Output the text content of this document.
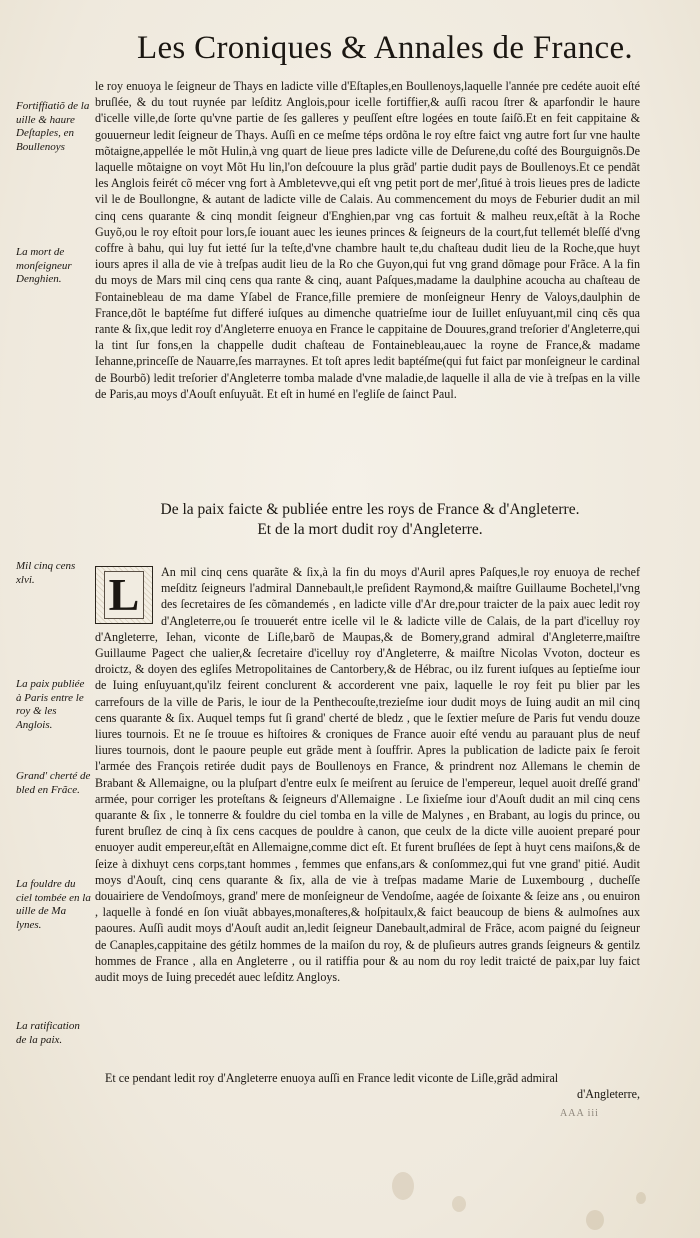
Les Croniques & Annales de France.

le roy enuoya le ſeigneur de Thays en ladicte ville d'Eſtaples,en Boullenoys,laquelle l'année pre cedéte auoit eſté bruſlée, & du tout ruynée par leſditz Anglois,pour icelle fortiffier,& auſſi racou ſtrer & aparfondir le haure d'icelle ville,de ſorte qu'vne partie de ſes galleres y peuſſent eſtre logées en toute ſaiſõ.Et en feit cappitaine & gouuerneur ledit ſeigneur de Thays. Auſſi en ce meſme téps ordõna le roy eſtre faict vng autre fort ſur vne haulte mõtaigne,appellée le mõt Hulin,à vng quart de lieue pres ladicte ville de Deſurene,du coſté des Bourguignõs.De laquelle mõtaigne on voyt Mõt Hu lin,l'on deſcouure la plus grãd' partie dudit pays de Boullenoys.Et ce pendãt les Anglois feirét cõ mécer vng fort à Ambletevve,qui eſt vng petit port de mer',ſitué à trois lieues pres de ladicte vil le de Boullongne, & autant de ladicte ville de Calais. Au commencement du moys de Feburier dudit an mil cinq cens quarante & cinq mondit ſeigneur d'Enghien,par vng cas fortuit & malheu reux,eſtãt à la Roche Guyõ,ou le roy eſtoit pour lors,ſe iouant auec les ieunes princes & ſeigneurs de la court,fut tellemét bleſſé d'vng coffre à bahu, qui luy fut ietté ſur la teſte,d'vne chambre hault te,du chaſteau dudit lieu de la Roche,que huyt iours apres il alla de vie à treſpas audit lieu de la Ro che Guyon,qui fut vng grand dõmage pour Frãce. A la fin du moys de Mars mil cinq cens qua rante & cinq, auant Paſques,madame la daulphine acoucha au chaſteau de Fontainebleau de ma dame Yſabel de France,fille premiere de monſeigneur Henry de Valoys,daulphin de France,dõt le baptéſme fut differé iuſques au dimenche quatrieſme iour de Iuillet enſuyuant,mil cinq cẽs qua rante & ſix,que ledit roy d'Angleterre enuoya en France le cappitaine de Douures,grand treſorier d'Angleterre,qui la tint ſur fons,en la chappelle dudit chaſteau de Fontainebleau,auec la royne de France,& madame Iehanne,princeſſe de Nauarre,ſes marraynes. Et toſt apres ledit baptéſme(qui fut faict par monſeigneur le cardinal de Bourbõ) ledit treſorier d'Angleterre tomba malade d'vne maladie,de laquelle il alla de vie à treſpas en la ville de Paris,au moys d'Aouſt enſuyuãt. Et eſt in humé en l'egliſe de ſainct Paul.

Fortiffiatiõ de la uille & haure Deſtaples, en Boullenoys
La mort de monſeigneur Denghien.
De la paix faicte & publiée entre les roys de France & d'Angleterre.
Et de la mort dudit roy d'Angleterre.
L	An mil cinq cens quarãte & ſix,à la fin du moys d'Auril apres Paſques,le roy enuoya de rechef meſditz ſeigneurs l'admiral Dannebault,le preſident Raymond,& maiſtre Guillaume Bochetel,l'vng des ſecretaires de ſes cõmandemés , en ladicte ville d'Ar dre,pour traicter de la paix auec ledit roy d'Angleterre,ou ſe trouuerét entre icelle vil le & ladicte ville de Calais, de la part d'icelluy roy d'Angleterre, Iehan, viconte de Liſle,barõ de Maupas,& de Bomery,grand admiral d'Angleterre,maiſtre Guillaume Pagect che ualier,& ſecretaire d'icelluy roy d'Angleterre, & maiſtre Nicolas Vvoton, docteur es droictz, & doyen des egliſes Metropolitaines de Cantorbery,& de Hébrac, ou ilz furent iuſques au ſeptieſme iour de Iuing enſuyuant,qu'ilz feirent conclurent & accorderent vne paix, laquelle le roy feit pu blier par les carrefours de la ville de Paris, le iour de la Penthecouſte,trezieſme iour dudit moys de Iuing audit an mil cinq cens quarante & ſix. Auquel temps fut ſi grand' cherté de bledz , que le ſextier meſure de Paris fut vendu douze liures tournois. Et ne ſe trouue es hiſtoires & croniques de France auoir eſté vendu au parauant plus de neuf liures tournois, dont le paoure peuple eut grãde ment à ſouffrir. Apres la publication de ladicte paix ſe feroit l'armée des François retirée dudit pays de Boullenoys en France, & prindrent noz Allemans le chemin de Brabant & Allemaigne, ou la pluſpart d'entre eulx ſe meiſrent au ſeruice de l'empereur, lequel auoit dreſſé grand' armée, pour corriger les proteſtans & ſeigneurs d'Allemaigne . Le ſixieſme iour d'Aouſt dudit an mil cinq cens quarante & ſix , le tonnerre & fouldre du ciel tomba en la ville de Malynes , en Brabant, au logis du prince, ou furent bruſlez de cinq à ſix cens cacques de pouldre à canon, que ceulx de la dicte ville auoient preparé pour enuoyer audit empereur,eſtãt en Allemaigne,comme dict eſt. Et furent bruſlées de ſept à huyt cens maiſons,& de ſeize à dixhuyt cens corps,tant hommes , femmes que enfans,ars & conſommez,qui fut vne grand' pitié. Audit moys d'Aouſt, cinq cens quarante & ſix, alla de vie à treſpas madame Marie de Luxembourg , ducheſſe douairiere de Vendoſmoys, grand' mere de monſeigneur de Vendoſme, aagée de ſoixante & ſeize ans , ou enuiron , laquelle à fondé en ſon viuãt abbayes,monaſteres,& hoſpitaulx,& faict beaucoup de biens & aulmoſnes aux paoures. Auſſi audit moys d'Aouſt audit an,ledit ſeigneur Danebault,admiral de Frãce, acom paigné du ſeigneur de Canaples,cappitaine des gétilz hommes de la maiſon du roy, & de pluſieurs autres grands ſeigneurs & gentilz hommes de France , alla en Angleterre , ou il ratiffia pour & au nom du roy ledit traicté de paix,par luy faict audit moys de Iuing precedét auec leſditz Angloys.

Mil cinq cens xlvi.
La paix publiée à Paris entre le roy & les Anglois.
Grand' cherté de bled en Frãce.
La fouldre du ciel tombée en la uille de Ma lynes.
La ratification de la paix.

Et ce pendant ledit roy d'Angleterre enuoya auſſi en France ledit viconte de Liſle,grãd admiral

d'Angleterre,

AAA iii
